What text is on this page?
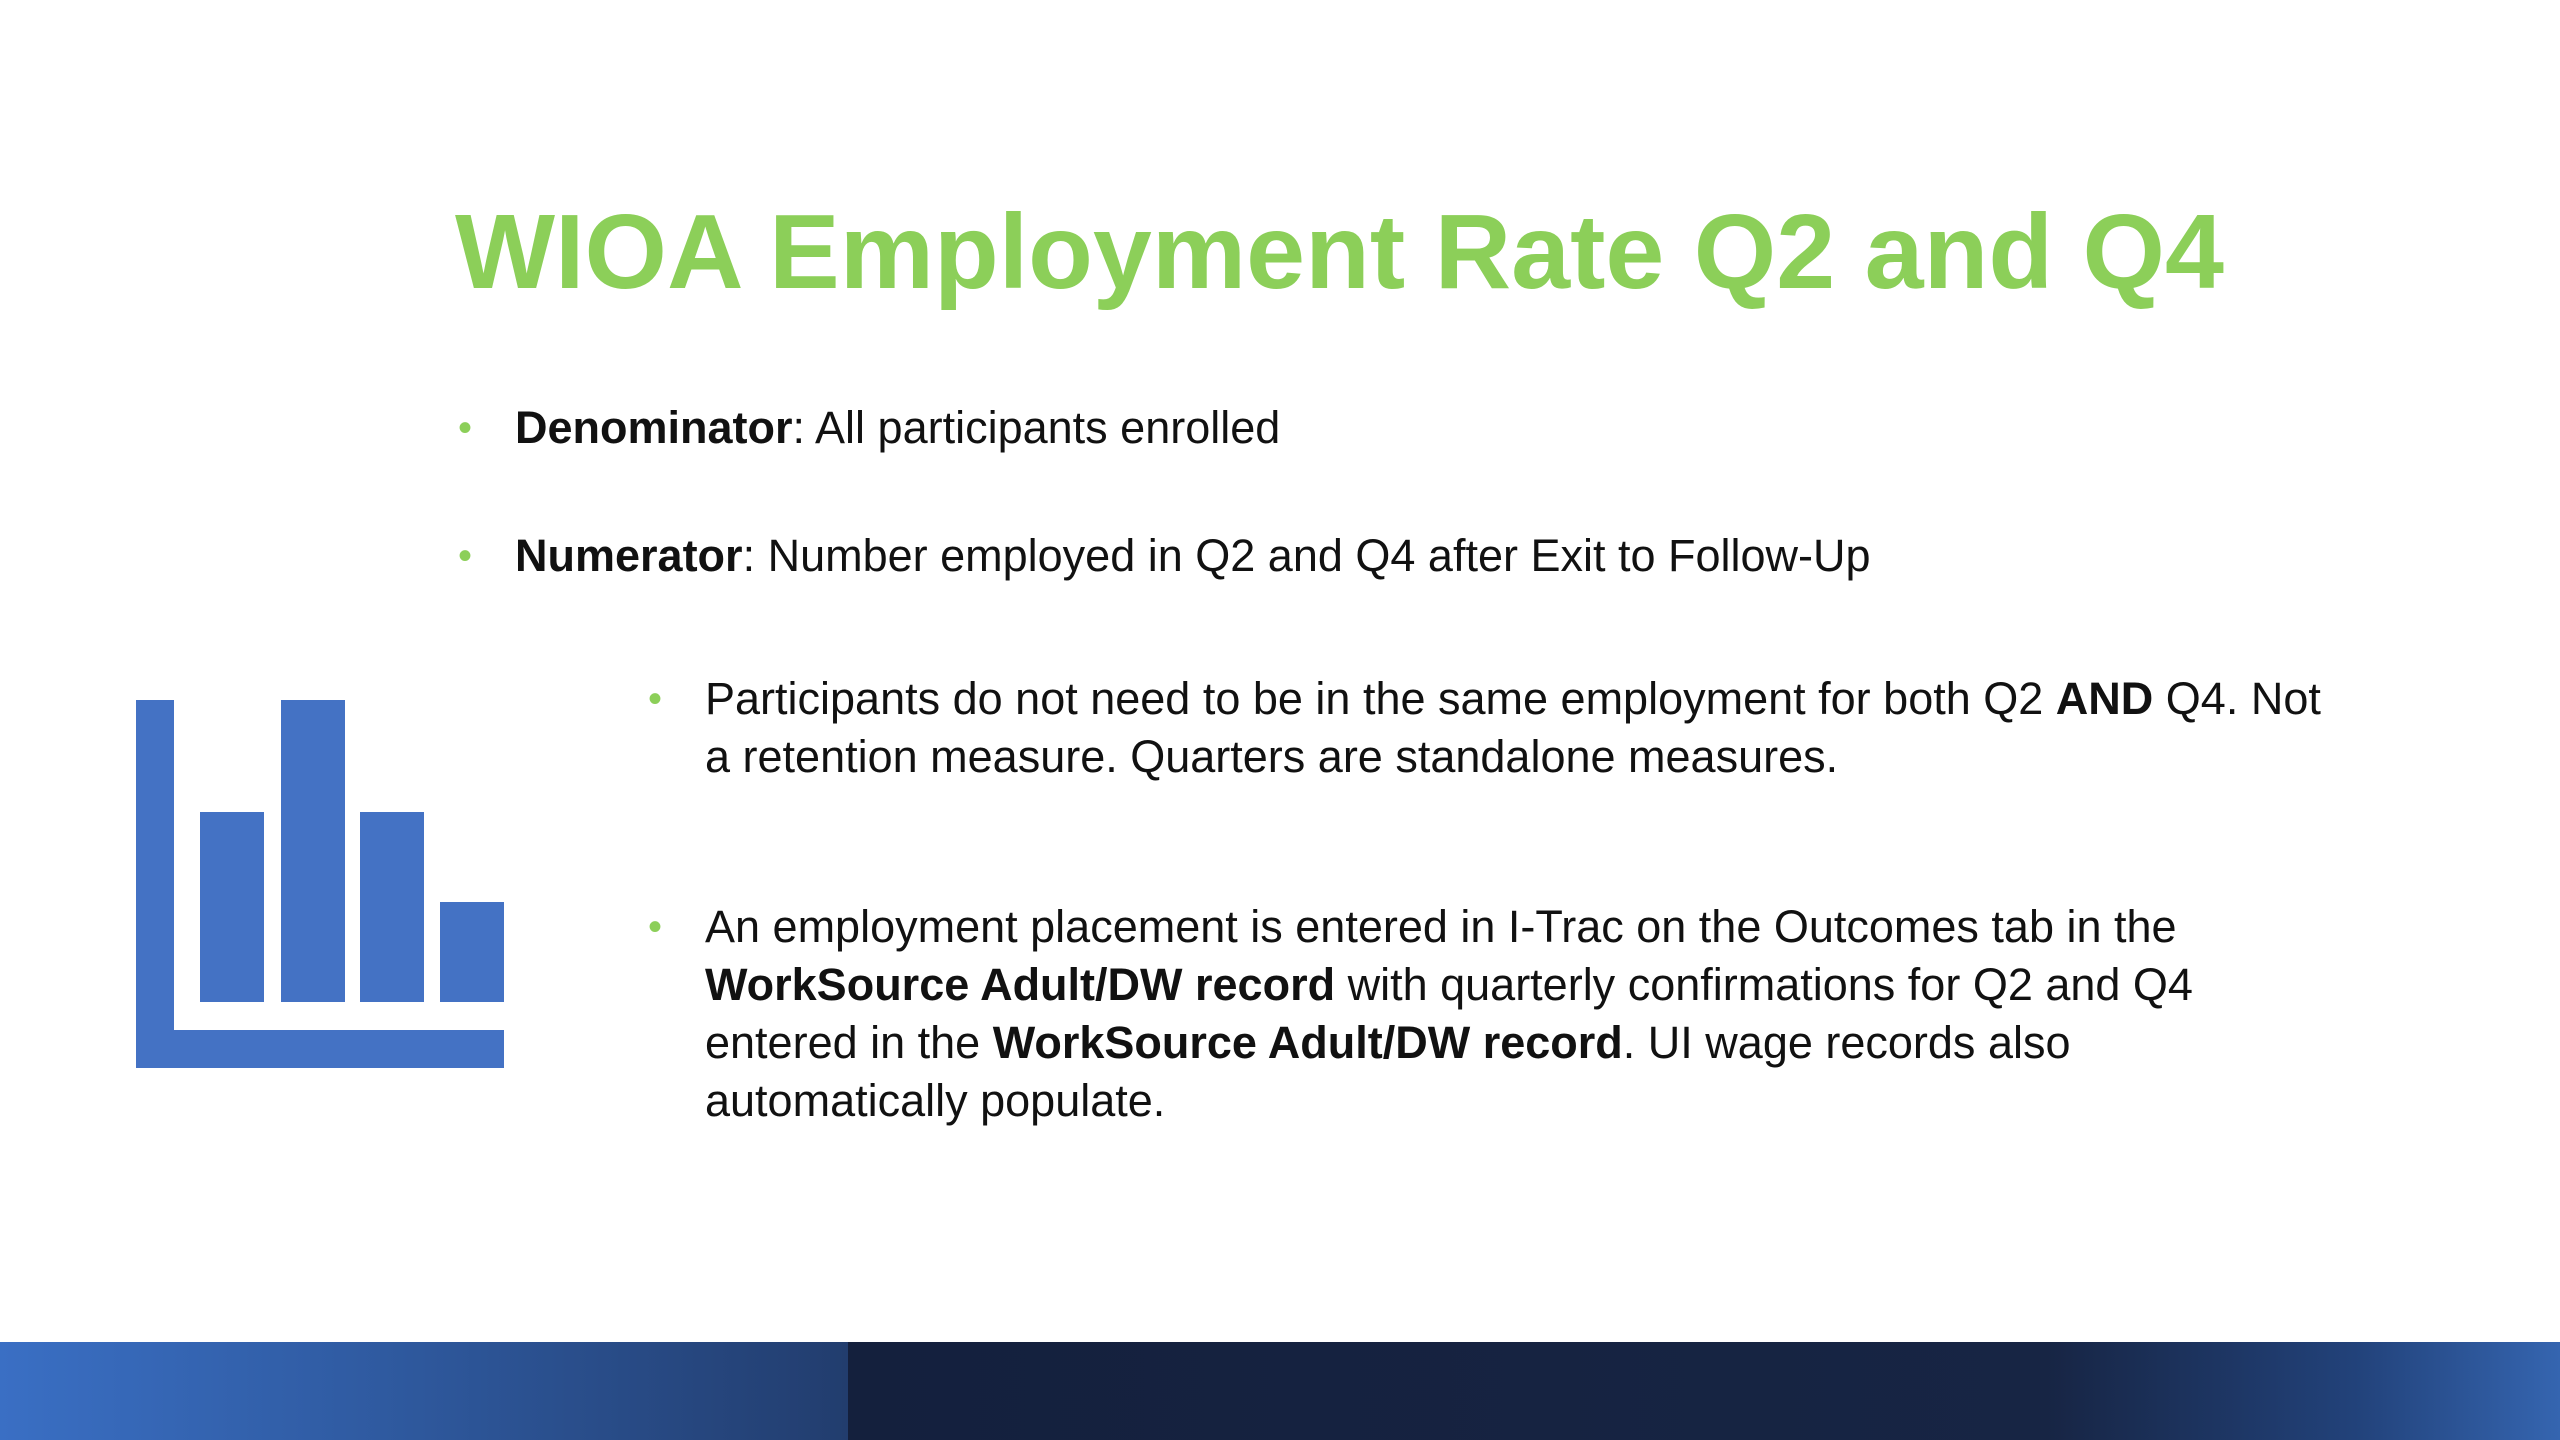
WIOA Employment Rate Q2 and Q4
• Denominator: All participants enrolled
• Numerator: Number employed in Q2 and Q4 after Exit to Follow-Up
• Participants do not need to be in the same employment for both Q2 AND Q4. Not a retention measure. Quarters are standalone measures.
• An employment placement is entered in I-Trac on the Outcomes tab in the WorkSource Adult/DW record with quarterly confirmations for Q2 and Q4 entered in the WorkSource Adult/DW record. UI wage records also automatically populate.
